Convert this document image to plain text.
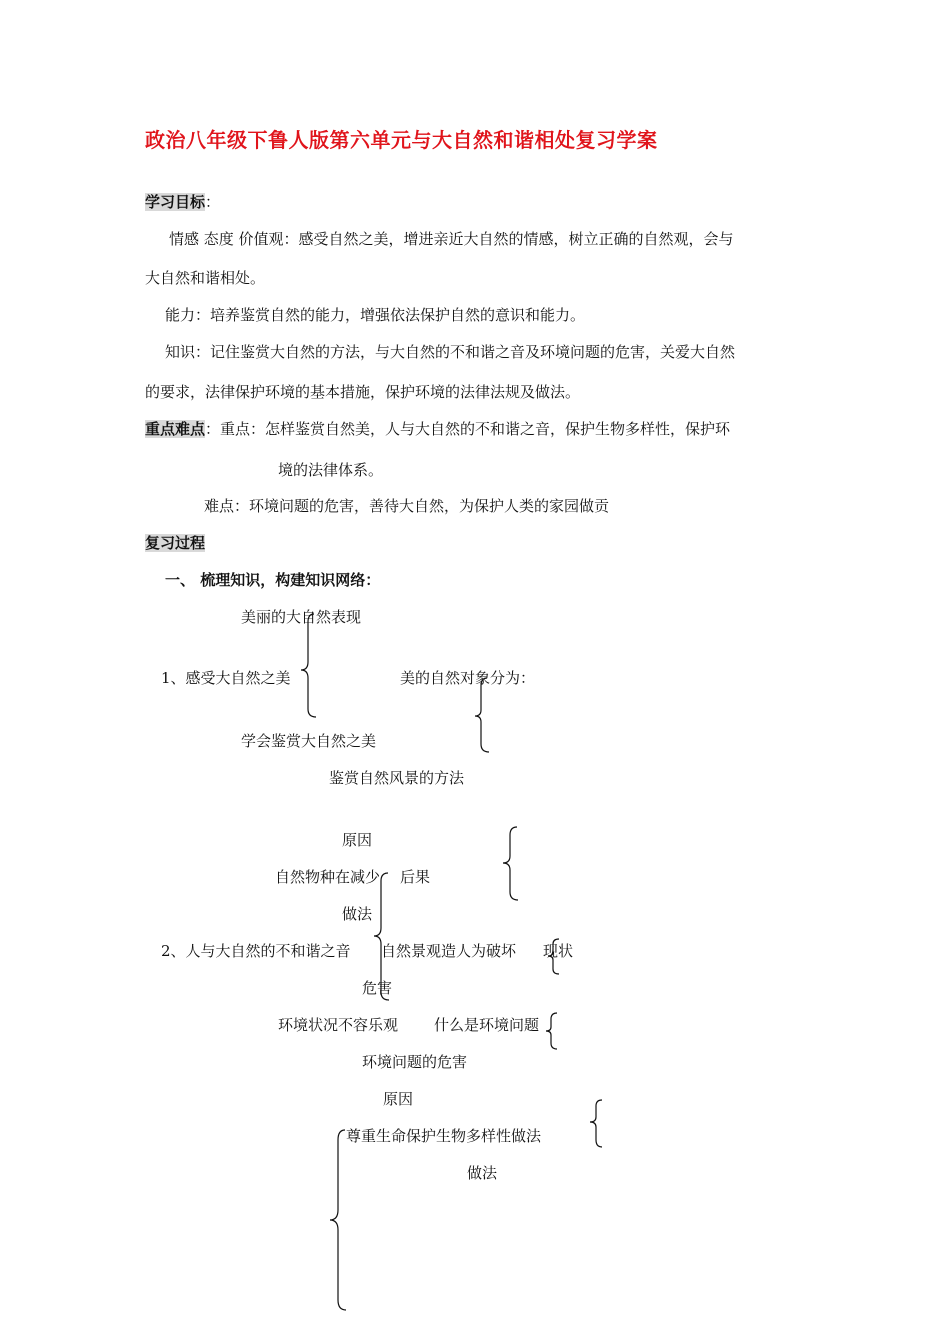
政治八年级下鲁人版第六单元与大自然和谐相处复习学案
学习目标：
情感 态度 价值观：感受自然之美，增进亲近大自然的情感，树立正确的自然观，会与
大自然和谐相处。
能力：培养鉴赏自然的能力，增强依法保护自然的意识和能力。
知识：记住鉴赏大自然的方法，与大自然的不和谐之音及环境问题的危害，关爱大自然
的要求，法律保护环境的基本措施，保护环境的法律法规及做法。
重点难点：重点：怎样鉴赏自然美，人与大自然的不和谐之音，保护生物多样性，保护环
境的法律体系。
难点：环境问题的危害，善待大自然，为保护人类的家园做贡
复习过程
一、 梳理知识，构建知识网络：
美丽的大自然表现
1、感受大自然之美	美的自然对象分为：
学会鉴赏大自然之美
鉴赏自然风景的方法
原因
自然物种在减少 后果
做法
2、人与大自然的不和谐之音 自然景观造人为破坏 现状
危害
环境状况不容乐观 什么是环境问题
环境问题的危害
原因
尊重生命保护生物多样性做法
做法
